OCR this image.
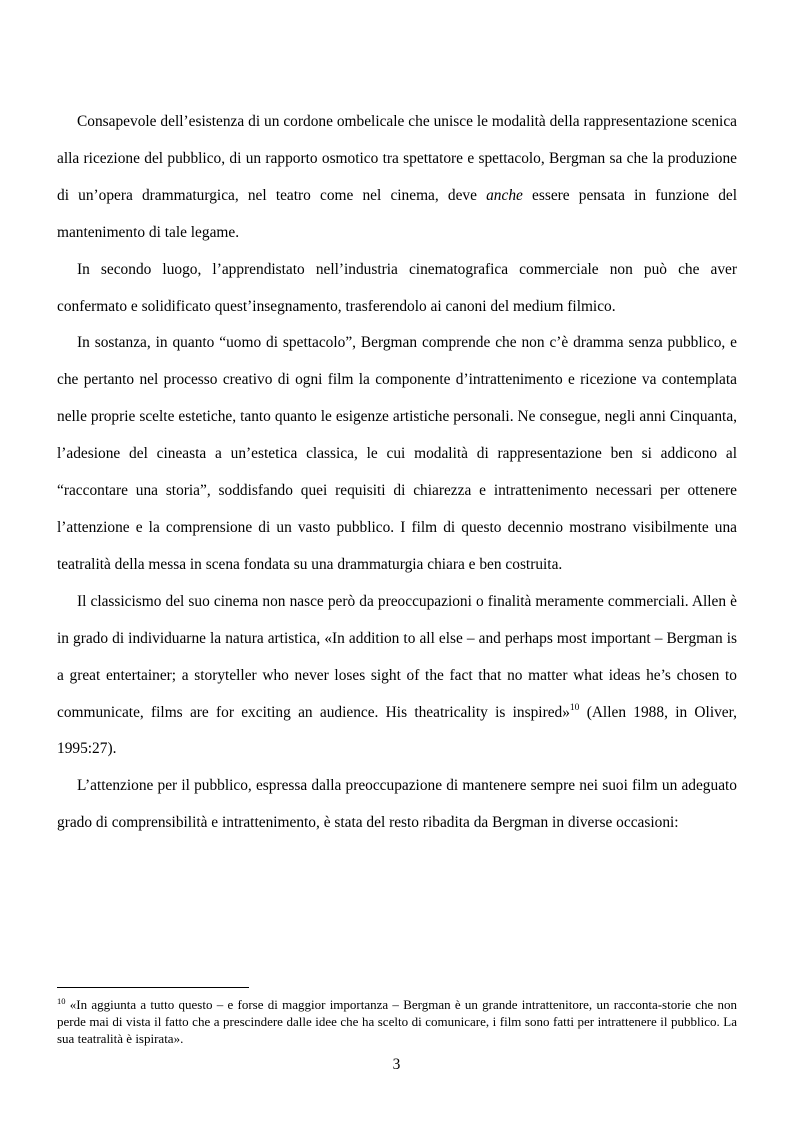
Consapevole dell’esistenza di un cordone ombelicale che unisce le modalità della rappresentazione scenica alla ricezione del pubblico, di un rapporto osmotico tra spettatore e spettacolo, Bergman sa che la produzione di un’opera drammaturgica, nel teatro come nel cinema, deve anche essere pensata in funzione del mantenimento di tale legame.

In secondo luogo, l’apprendistato nell’industria cinematografica commerciale non può che aver confermato e solidificato quest’insegnamento, trasferendolo ai canoni del medium filmico.

In sostanza, in quanto “uomo di spettacolo”, Bergman comprende che non c’è dramma senza pubblico, e che pertanto nel processo creativo di ogni film la componente d’intrattenimento e ricezione va contemplata nelle proprie scelte estetiche, tanto quanto le esigenze artistiche personali. Ne consegue, negli anni Cinquanta, l’adesione del cineasta a un’estetica classica, le cui modalità di rappresentazione ben si addicono al “raccontare una storia”, soddisfando quei requisiti di chiarezza e intrattenimento necessari per ottenere l’attenzione e la comprensione di un vasto pubblico. I film di questo decennio mostrano visibilmente una teatralità della messa in scena fondata su una drammaturgia chiara e ben costruita.

Il classicismo del suo cinema non nasce però da preoccupazioni o finalità meramente commerciali. Allen è in grado di individuarne la natura artistica, «In addition to all else – and perhaps most important – Bergman is a great entertainer; a storyteller who never loses sight of the fact that no matter what ideas he’s chosen to communicate, films are for exciting an audience. His theatricality is inspired»$^{10}$ (Allen 1988, in Oliver, 1995:27).

L’attenzione per il pubblico, espressa dalla preoccupazione di mantenere sempre nei suoi film un adeguato grado di comprensibilità e intrattenimento, è stata del resto ribadita da Bergman in diverse occasioni:

$^{10}$ «In aggiunta a tutto questo – e forse di maggior importanza – Bergman è un grande intrattenitore, un racconta-storie che non perde mai di vista il fatto che a prescindere dalle idee che ha scelto di comunicare, i film sono fatti per intrattenere il pubblico. La sua teatralità è ispirata».

3
